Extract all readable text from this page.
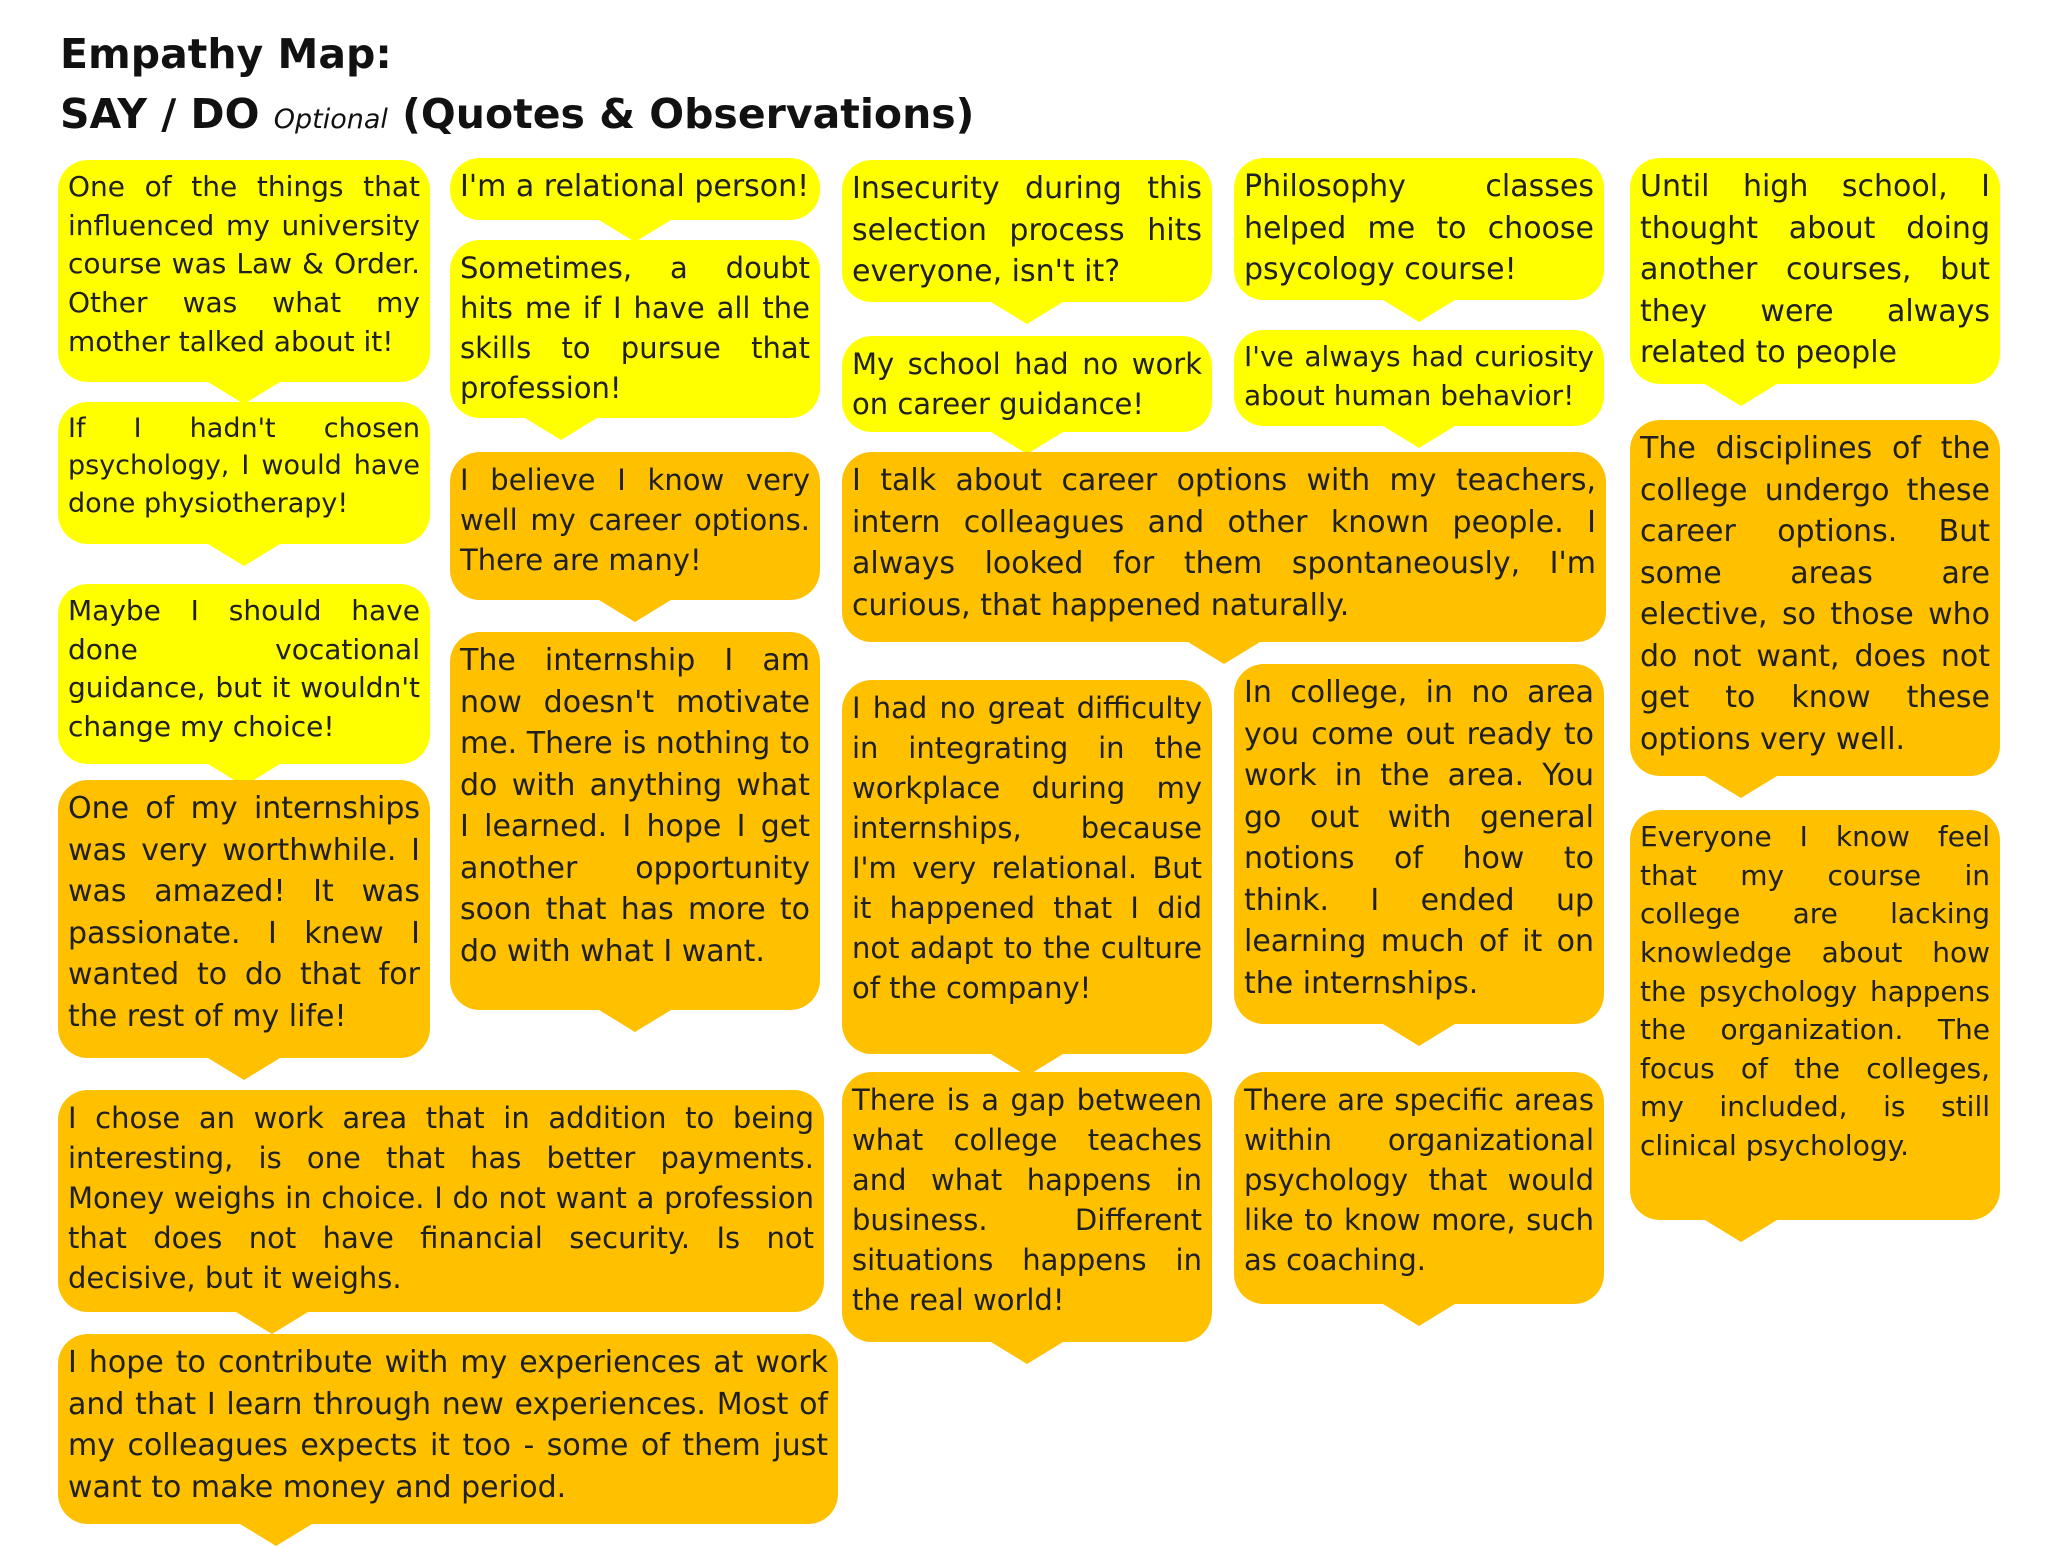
Empathy Map:
SAY / DO Optional (Quotes & Observations)
One of the things that influenced my university course was Law & Order. Other was what my mother talked about it!
If I hadn't chosen psychology, I would have done physiotherapy!
Maybe I should have done vocational guidance, but it wouldn't change my choice!
One of my internships was very worthwhile. I was amazed! It was passionate. I knew I wanted to do that for the rest of my life!
I chose an work area that in addition to being interesting, is one that has better payments. Money weighs in choice. I do not want a profession that does not have financial security. Is not decisive, but it weighs.
I hope to contribute with my experiences at work and that I learn through new experiences. Most of my colleagues expects it too - some of them just want to make money and period.
I'm a relational person!
Sometimes, a doubt hits me if I have all the skills to pursue that profession!
I believe I know very well my career options. There are many!
The internship I am now doesn't motivate me. There is nothing to do with anything what I learned. I hope I get another opportunity soon that has more to do with what I want.
Insecurity during this selection process hits everyone, isn't it?
My school had no work on career guidance!
I talk about career options with my teachers, intern colleagues and other known people. I always looked for them spontaneously, I'm curious, that happened naturally.
I had no great difficulty in integrating in the workplace during my internships, because I'm very relational. But it happened that I did not adapt to the culture of the company!
There is a gap between what college teaches and what happens in business. Different situations happens in the real world!
Philosophy classes helped me to choose psycology course!
I've always had curiosity about human behavior!
In college, in no area you come out ready to work in the area. You go out with general notions of how to think. I ended up learning much of it on the internships.
There are specific areas within organizational psychology that would like to know more, such as coaching.
Until high school, I thought about doing another courses, but they were always related to people
The disciplines of the college undergo these career options. But some areas are elective, so those who do not want, does not get to know these options very well.
Everyone I know feel that my course in college are lacking knowledge about how the psychology happens the organization. The focus of the colleges, my included, is still clinical psychology.
